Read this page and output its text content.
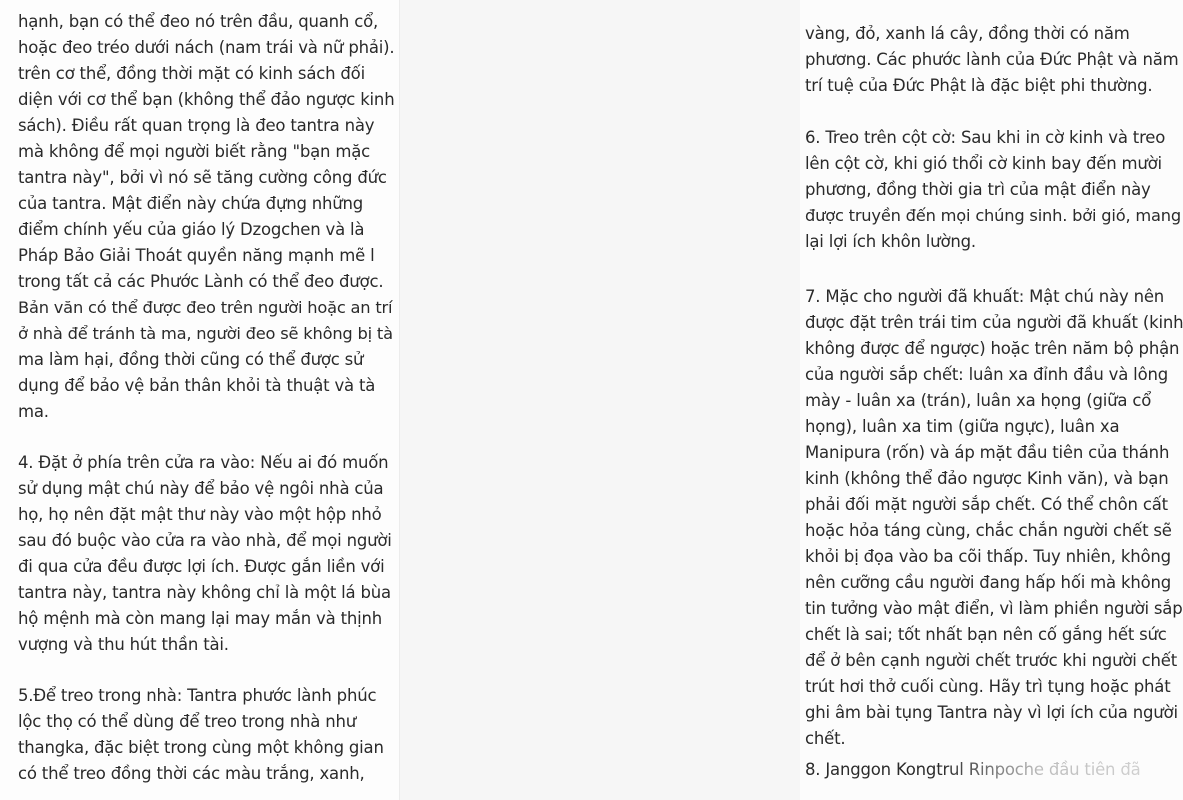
hạnh, bạn có thể đeo nó trên đầu, quanh cổ,
hoặc đeo tréo dưới nách (nam trái và nữ phải).
trên cơ thể, đồng thời mặt có kinh sách đối
diện với cơ thể bạn (không thể đảo ngược kinh
sách). Điều rất quan trọng là đeo tantra này
mà không để mọi người biết rằng "bạn mặc
tantra này", bởi vì nó sẽ tăng cường công đức
của tantra. Mật điển này chứa đựng những
điểm chính yếu của giáo lý Dzogchen và là
Pháp Bảo Giải Thoát quyền năng mạnh mẽ l
trong tất cả các Phước Lành có thể đeo được.
Bản văn có thể được đeo trên người hoặc an trí
ở nhà để tránh tà ma, người đeo sẽ không bị tà
ma làm hại, đồng thời cũng có thể được sử
dụng để bảo vệ bản thân khỏi tà thuật và tà
ma.
4. Đặt ở phía trên cửa ra vào: Nếu ai đó muốn
sử dụng mật chú này để bảo vệ ngôi nhà của
họ, họ nên đặt mật thư này vào một hộp nhỏ
sau đó buộc vào cửa ra vào nhà, để mọi người
đi qua cửa đều được lợi ích. Được gắn liền với
tantra này, tantra này không chỉ là một lá bùa
hộ mệnh mà còn mang lại may mắn và thịnh
vượng và thu hút thần tài.
5.Để treo trong nhà: Tantra phước lành phúc
lộc thọ có thể dùng để treo trong nhà như
thangka, đặc biệt trong cùng một không gian
có thể treo đồng thời các màu trắng, xanh,
vàng, đỏ, xanh lá cây, đồng thời có năm
phương. Các phước lành của Đức Phật và năm
trí tuệ của Đức Phật là đặc biệt phi thường.
6. Treo trên cột cờ: Sau khi in cờ kinh và treo
lên cột cờ, khi gió thổi cờ kinh bay đến mười
phương, đồng thời gia trì của mật điển này
được truyền đến mọi chúng sinh. bởi gió, mang
lại lợi ích khôn lường.
7. Mặc cho người đã khuất: Mật chú này nên
được đặt trên trái tim của người đã khuất (kinh
không được để ngược) hoặc trên năm bộ phận
của người sắp chết: luân xa đỉnh đầu và lông
mày - luân xa (trán), luân xa họng (giữa cổ
họng), luân xa tim (giữa ngực), luân xa
Manipura (rốn) và áp mặt đầu tiên của thánh
kinh (không thể đảo ngược Kinh văn), và bạn
phải đối mặt người sắp chết. Có thể chôn cất
hoặc hỏa táng cùng, chắc chắn người chết sẽ
khỏi bị đọa vào ba cõi thấp. Tuy nhiên, không
nên cưỡng cầu người đang hấp hối mà không
tin tưởng vào mật điển, vì làm phiền người sắp
chết là sai; tốt nhất bạn nên cố gắng hết sức
để ở bên cạnh người chết trước khi người chết
trút hơi thở cuối cùng. Hãy trì tụng hoặc phát
ghi âm bài tụng Tantra này vì lợi ích của người
chết.
8. Janggon Kongtrul Rinpoche đầu tiên đã
